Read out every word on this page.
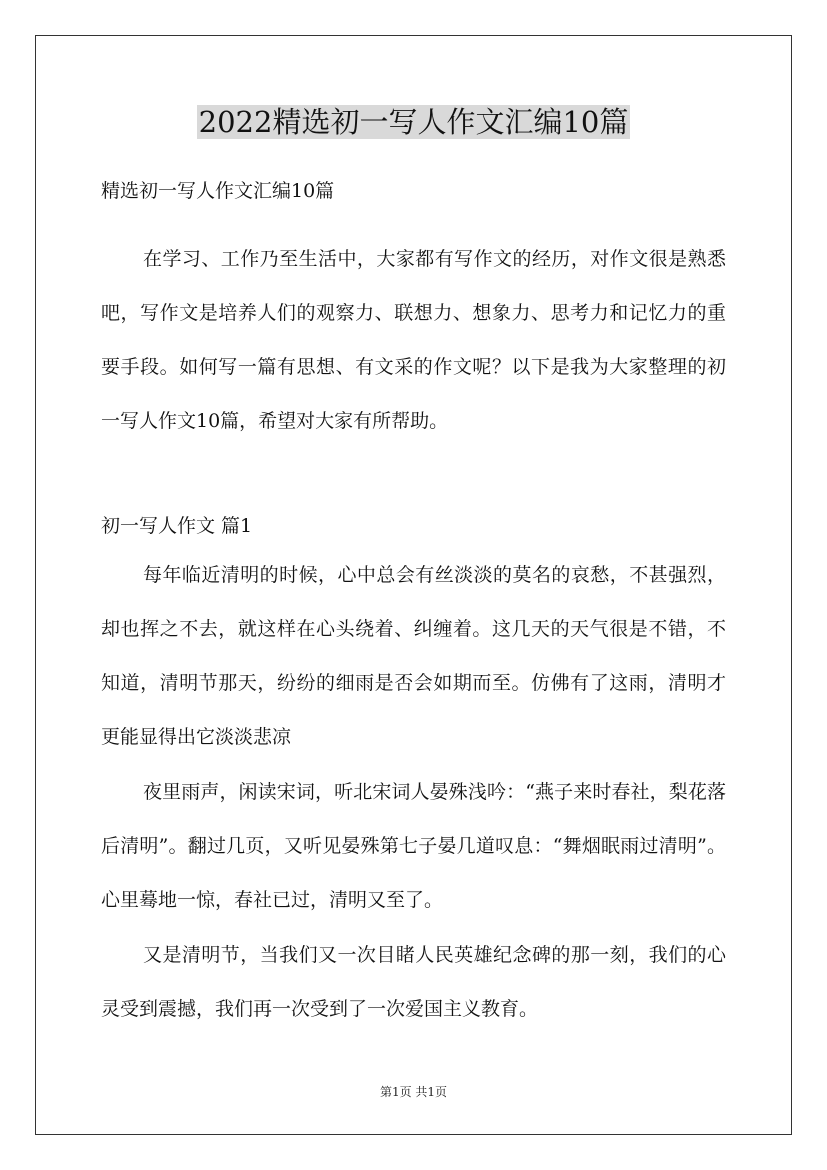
2022精选初一写人作文汇编10篇

精选初一写人作文汇编10篇

在学习、工作乃至生活中，大家都有写作文的经历，对作文很是熟悉吧，写作文是培养人们的观察力、联想力、想象力、思考力和记忆力的重要手段。如何写一篇有思想、有文采的作文呢？以下是我为大家整理的初一写人作文10篇，希望对大家有所帮助。

初一写人作文 篇1

每年临近清明的时候，心中总会有丝淡淡的莫名的哀愁，不甚强烈，却也挥之不去，就这样在心头绕着、纠缠着。这几天的天气很是不错，不知道，清明节那天，纷纷的细雨是否会如期而至。仿佛有了这雨，清明才更能显得出它淡淡悲凉

夜里雨声，闲读宋词，听北宋词人晏殊浅吟：“燕子来时春社，梨花落后清明”。翻过几页，又听见晏殊第七子晏几道叹息：“舞烟眠雨过清明”。心里蓦地一惊，春社已过，清明又至了。

又是清明节，当我们又一次目睹人民英雄纪念碑的那一刻，我们的心灵受到震撼，我们再一次受到了一次爱国主义教育。

第1页 共1页
